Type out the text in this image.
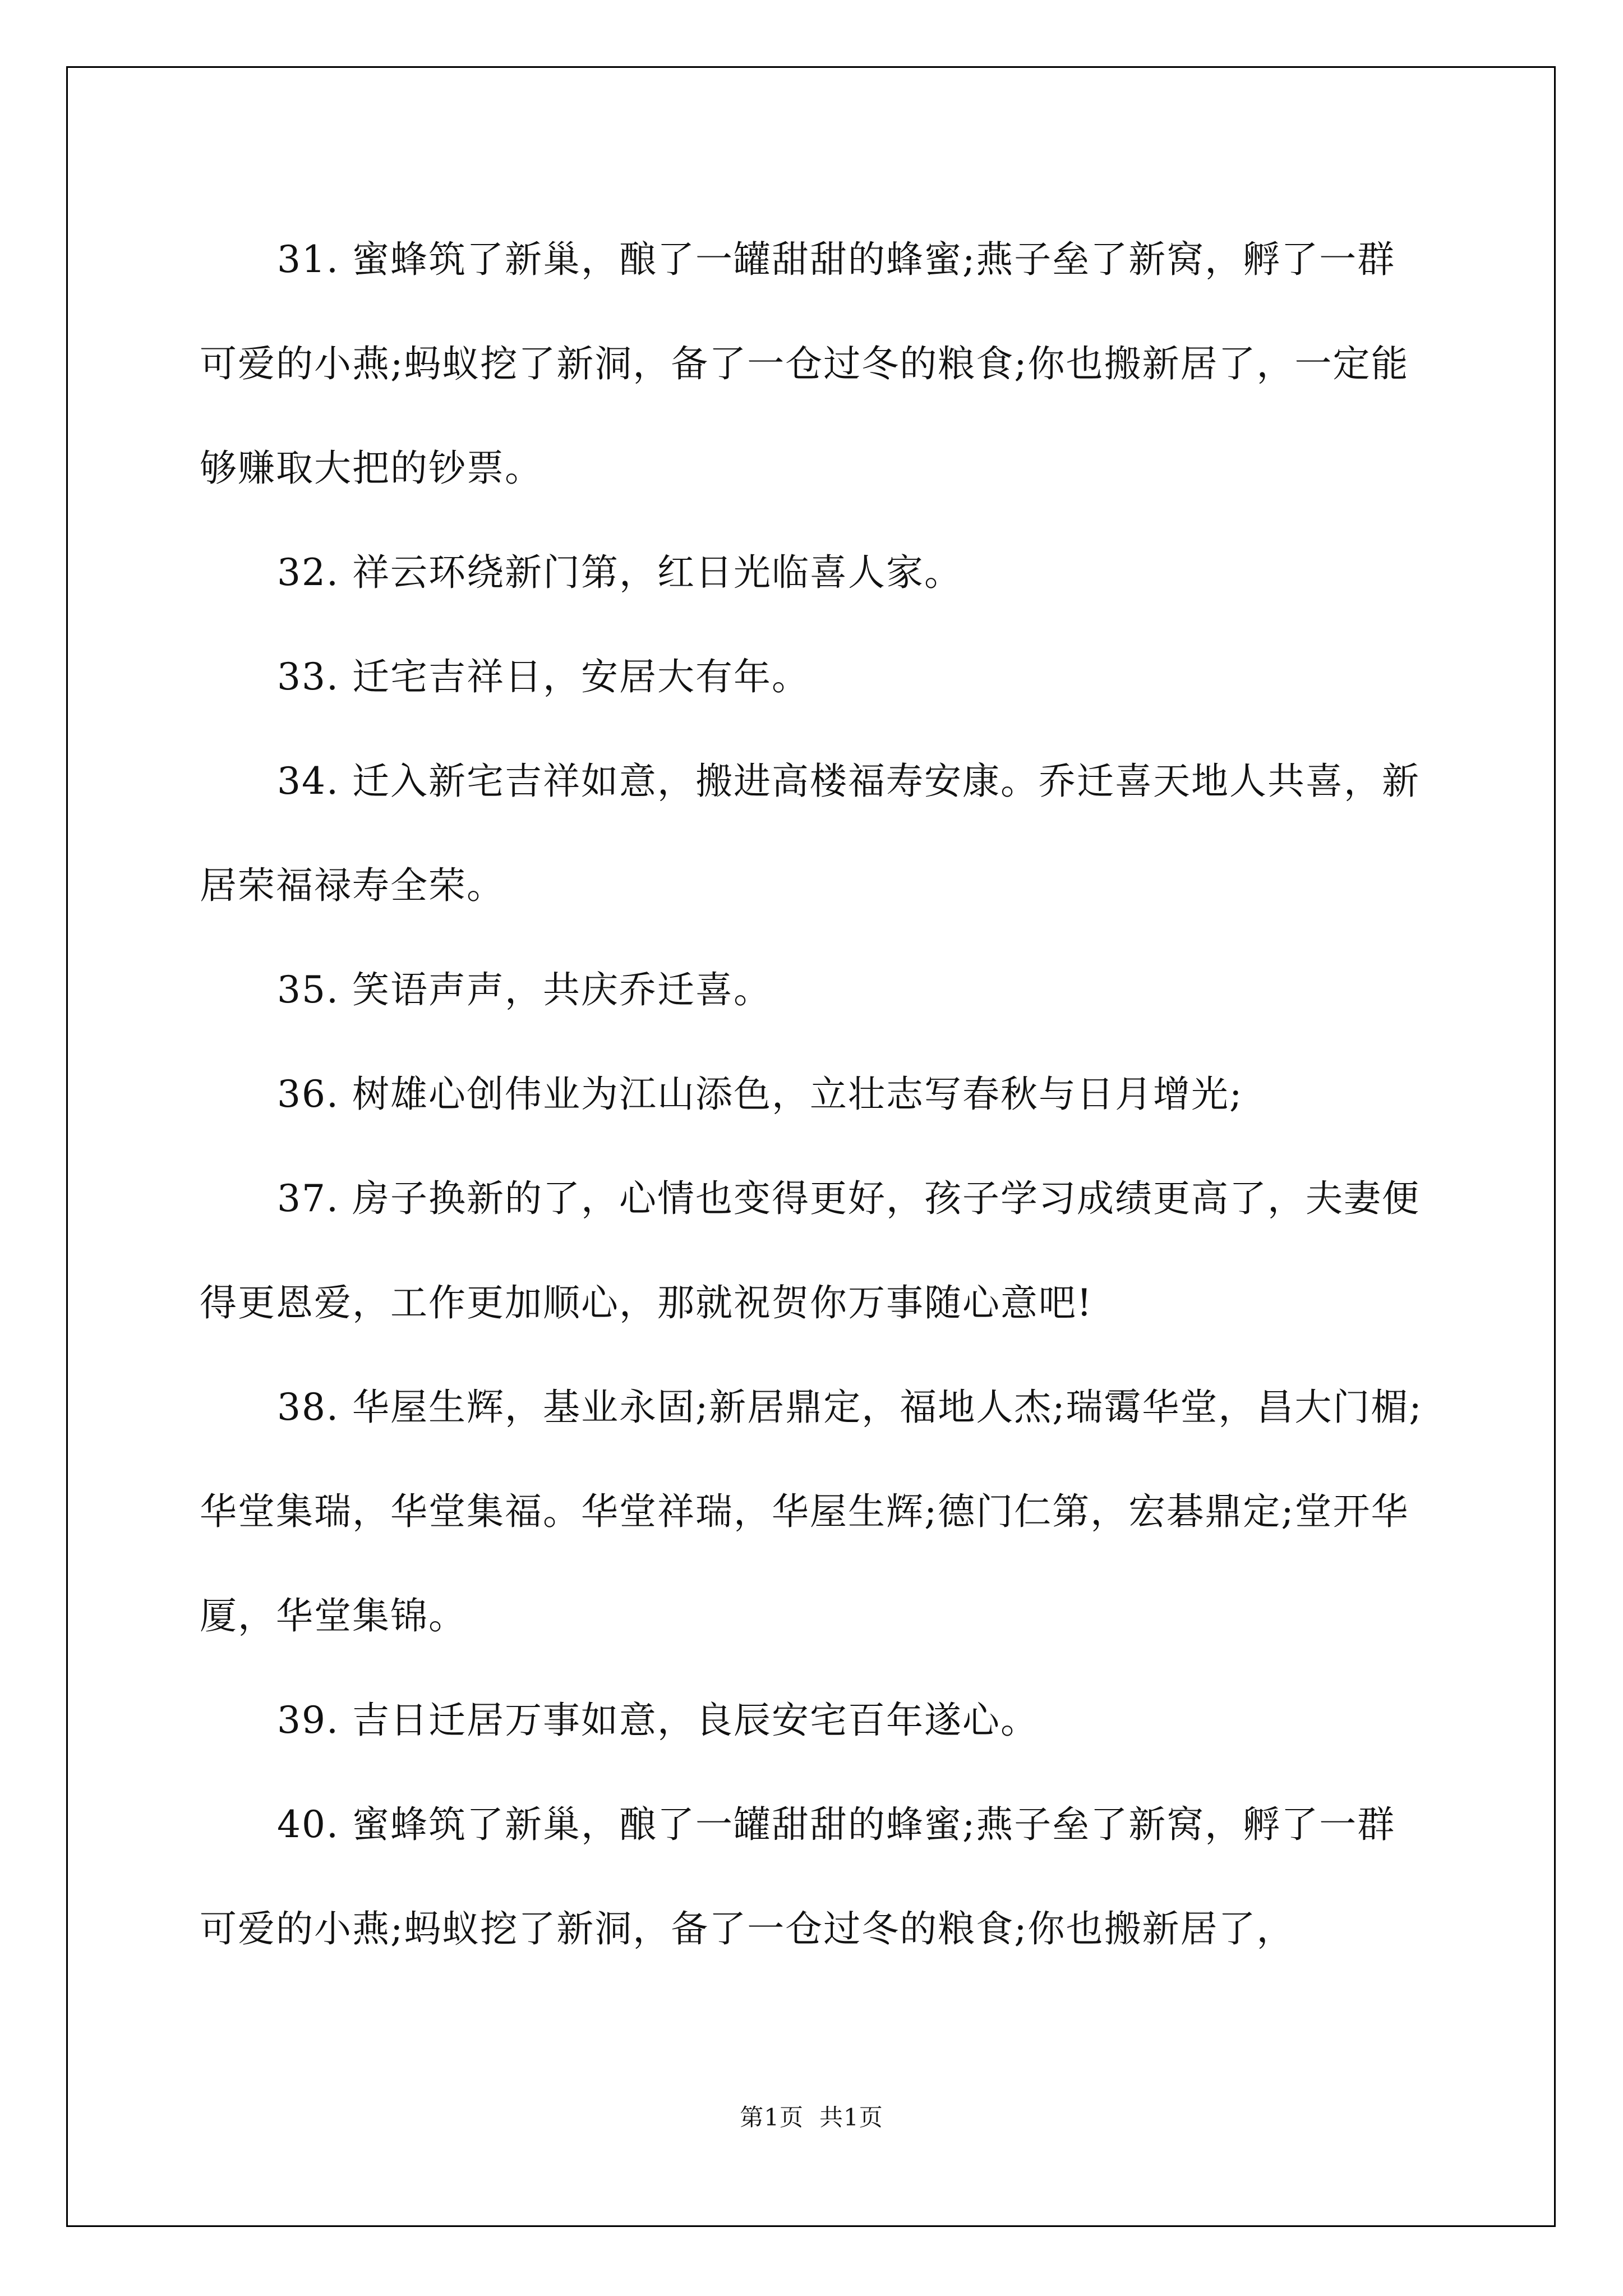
31. 蜜蜂筑了新巢，酿了一罐甜甜的蜂蜜;燕子垒了新窝，孵了一群可爱的小燕;蚂蚁挖了新洞，备了一仓过冬的粮食;你也搬新居了，一定能够赚取大把的钞票。

32. 祥云环绕新门第，红日光临喜人家。

33. 迁宅吉祥日，安居大有年。

34. 迁入新宅吉祥如意，搬进高楼福寿安康。乔迁喜天地人共喜，新居荣福禄寿全荣。

35. 笑语声声，共庆乔迁喜。

36. 树雄心创伟业为江山添色，立壮志写春秋与日月增光;

37. 房子换新的了，心情也变得更好，孩子学习成绩更高了，夫妻便得更恩爱，工作更加顺心，那就祝贺你万事随心意吧!

38. 华屋生辉，基业永固;新居鼎定，福地人杰;瑞霭华堂，昌大门楣;华堂集瑞，华堂集福。华堂祥瑞，华屋生辉;德门仁第，宏碁鼎定;堂开华厦，华堂集锦。

39. 吉日迁居万事如意，良辰安宅百年遂心。

40. 蜜蜂筑了新巢，酿了一罐甜甜的蜂蜜;燕子垒了新窝，孵了一群可爱的小燕;蚂蚁挖了新洞，备了一仓过冬的粮食;你也搬新居了，

第1页 共1页
